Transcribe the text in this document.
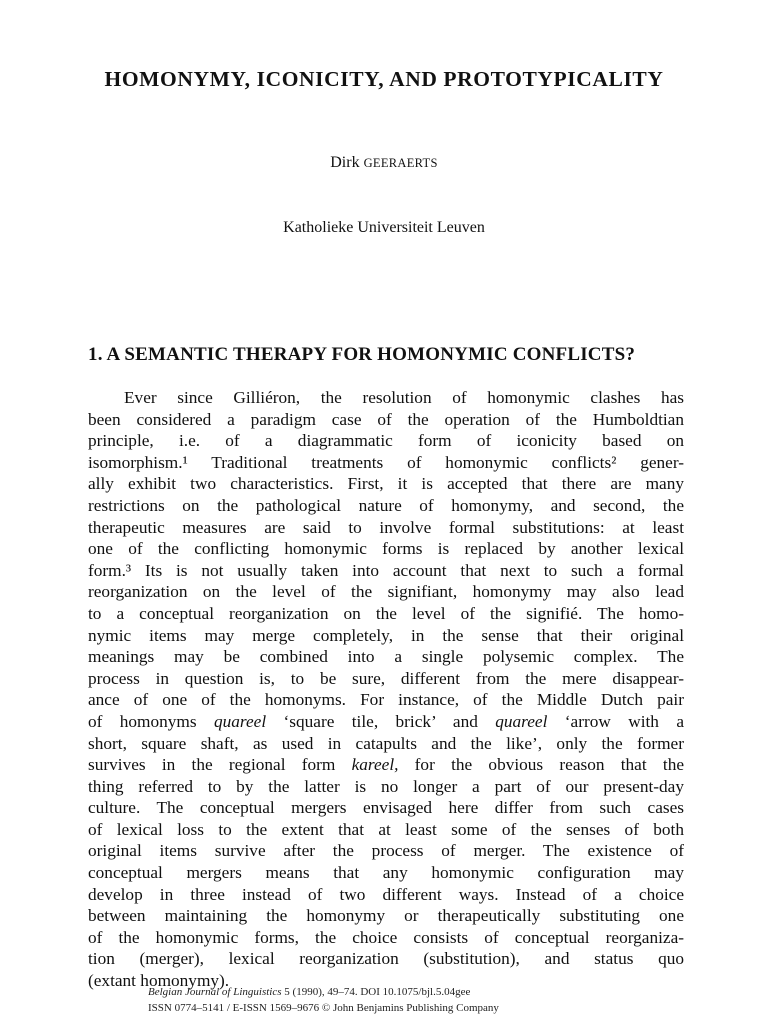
HOMONYMY, ICONICITY, AND PROTOTYPICALITY
Dirk GEERAERTS
Katholieke Universiteit Leuven
1. A SEMANTIC THERAPY FOR HOMONYMIC CONFLICTS?
Ever since Gilliéron, the resolution of homonymic clashes has
been considered a paradigm case of the operation of the Humboldtian
principle, i.e. of a diagrammatic form of iconicity based on
isomorphism.¹ Traditional treatments of homonymic conflicts² gener-
ally exhibit two characteristics. First, it is accepted that there are many
restrictions on the pathological nature of homonymy, and second, the
therapeutic measures are said to involve formal substitutions: at least
one of the conflicting homonymic forms is replaced by another lexical
form.³ Its is not usually taken into account that next to such a formal
reorganization on the level of the signifiant, homonymy may also lead
to a conceptual reorganization on the level of the signifié. The homo-
nymic items may merge completely, in the sense that their original
meanings may be combined into a single polysemic complex. The
process in question is, to be sure, different from the mere disappear-
ance of one of the homonyms. For instance, of the Middle Dutch pair
of homonyms quareel ‘square tile, brick’ and quareel ‘arrow with a
short, square shaft, as used in catapults and the like’, only the former
survives in the regional form kareel, for the obvious reason that the
thing referred to by the latter is no longer a part of our present-day
culture. The conceptual mergers envisaged here differ from such cases
of lexical loss to the extent that at least some of the senses of both
original items survive after the process of merger. The existence of
conceptual mergers means that any homonymic configuration may
develop in three instead of two different ways. Instead of a choice
between maintaining the homonymy or therapeutically substituting one
of the homonymic forms, the choice consists of conceptual reorganiza-
tion (merger), lexical reorganization (substitution), and status quo
(extant homonymy).
Belgian Journal of Linguistics 5 (1990), 49–74. DOI 10.1075/bjl.5.04gee
ISSN 0774–5141 / E-ISSN 1569–9676 © John Benjamins Publishing Company
